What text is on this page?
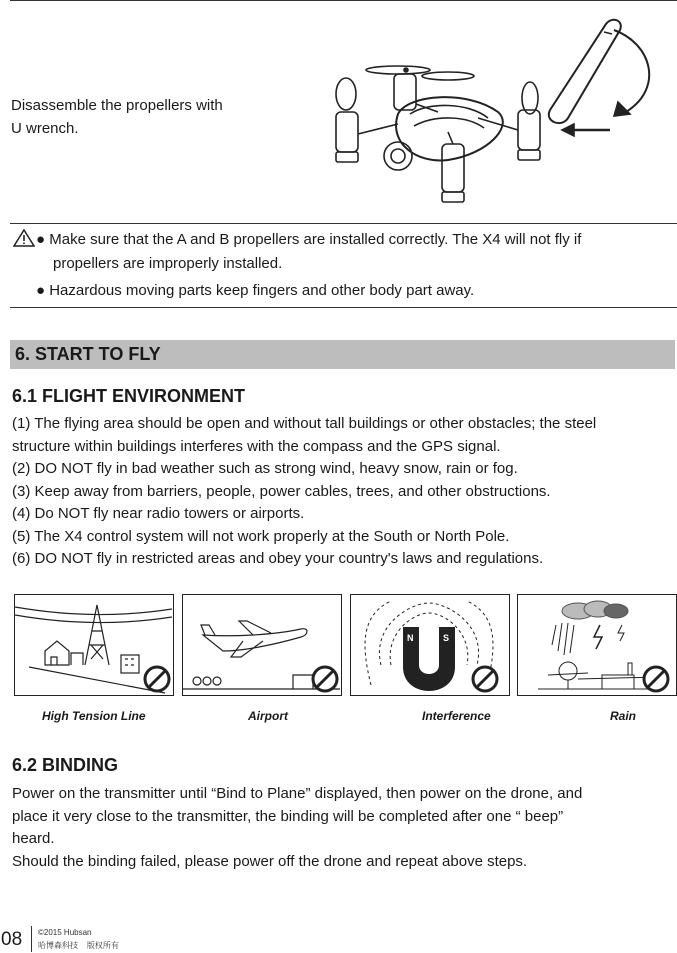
Disassemble the propellers with
U wrench.
● Make sure that the A and B propellers are installed correctly. The X4 will not fly if
propellers are improperly installed.
● Hazardous moving parts keep fingers and other body part away.
6. START TO FLY
6.1 FLIGHT ENVIRONMENT
(1) The flying area should be open and without tall buildings or other obstacles; the steel
structure within buildings interferes with the compass and the GPS signal.
(2) DO NOT fly in bad weather such as strong wind, heavy snow, rain or fog.
(3) Keep away from barriers, people, power cables, trees, and other obstructions.
(4) Do NOT fly near radio towers or airports.
(5) The X4 control system will not work properly at the South or North Pole.
(6) DO NOT fly in restricted areas and obey your country's laws and regulations.
N	S
High Tension Line	Airport	Interference	Rain
6.2 BINDING
Power on the transmitter until “Bind to Plane” displayed, then power on the drone, and
place it very close to the transmitter, the binding will be completed after one “ beep”
heard.
Should the binding failed, please power off the drone and repeat above steps.
08 ©2015 Hubsan
哈博森科技    版权所有
